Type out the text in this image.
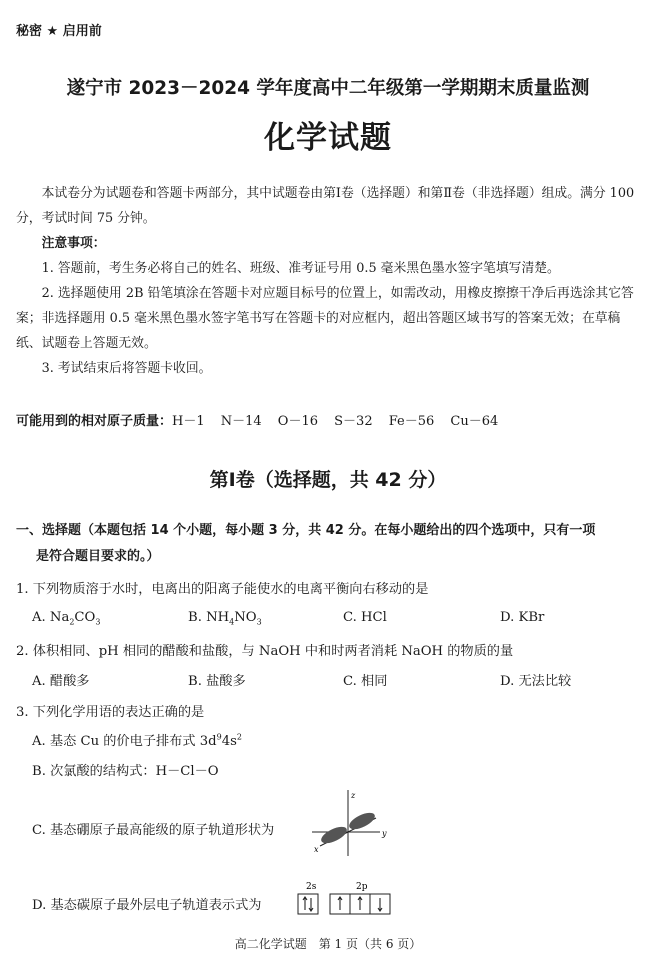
秘密 ★ 启用前
遂宁市 2023－2024 学年度高中二年级第一学期期末质量监测
化学试题

本试卷分为试题卷和答题卡两部分，其中试题卷由第Ⅰ卷（选择题）和第Ⅱ卷（非选择题）组成。满分 100 分，考试时间 75 分钟。

注意事项：

1. 答题前，考生务必将自己的姓名、班级、准考证号用 0.5 毫米黑色墨水签字笔填写清楚。

2. 选择题使用 2B 铅笔填涂在答题卡对应题目标号的位置上，如需改动，用橡皮擦擦干净后再选涂其它答案；非选择题用 0.5 毫米黑色墨水签字笔书写在答题卡的对应框内，超出答题区域书写的答案无效；在草稿纸、试题卷上答题无效。

3. 考试结束后将答题卡收回。

可能用到的相对原子质量：H－1 N－14 O－16 S－32 Fe－56 Cu－64
第Ⅰ卷（选择题，共 42 分）
一、选择题（本题包括 14 个小题，每小题 3 分，共 42 分。在每小题给出的四个选项中，只有一项
是符合题目要求的。）
1. 下列物质溶于水时，电离出的阳离子能使水的电离平衡向右移动的是
A. $Na_2CO_3$	B. $NH_4NO_3$	C. HCl	D. KBr
2. 体积相同、pH 相同的醋酸和盐酸，与 NaOH 中和时两者消耗 NaOH 的物质的量
A. 醋酸多	B. 盐酸多	C. 相同	D. 无法比较
3. 下列化学用语的表达正确的是
A. 基态 Cu 的价电子排布式 $3d^94s^2$
B. 次氯酸的结构式：H－Cl－O
C. 基态硼原子最高能级的原子轨道形状为
z
y
x
D. 基态碳原子最外层电子轨道表示式为
2s	2p
高二化学试题　第 1 页（共 6 页）
